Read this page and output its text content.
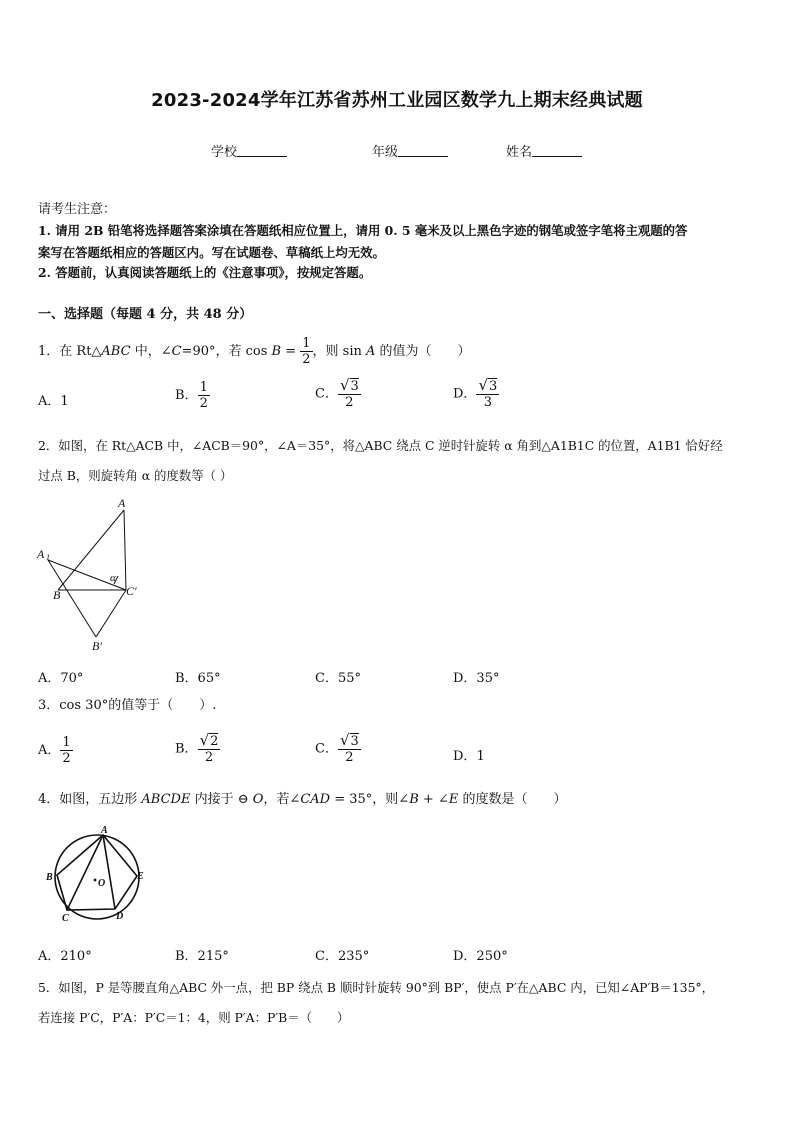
2023-2024学年江苏省苏州工业园区数学九上期末经典试题
学校	年级	姓名
请考生注意：
1. 请用 2B 铅笔将选择题答案涂填在答题纸相应位置上，请用 0. 5 毫米及以上黑色字迹的钢笔或签字笔将主观题的答
案写在答题纸相应的答题区内。写在试题卷、草稿纸上均无效。
2. 答题前，认真阅读答题纸上的《注意事项》，按规定答题。
一、选择题（每题 4 分，共 48 分）
1．在 Rt△ABC 中，∠C=90°，若 $\cos B = \frac{1}{2}$ ，则 sin A 的值为（　　）
A．1	B． $\frac{1}{2}$	C． $\frac{√3}{2}$	D． $\frac{√3}{3}$
2．如图，在 Rt△ACB 中，∠ACB＝90°，∠A＝35°，将△ABC 绕点 C 逆时针旋转 α 角到△A1B1C 的位置，A1B1 恰好经
过点 B，则旋转角 α 的度数等（ ）
A
A 1
B	C′
B′
α
A．70°	B．65°	C．55°	D．35°
3．cos 30°的值等于（　　）.
A． $\frac{1}{2}$	B． $\frac{√2}{2}$	C． $\frac{√3}{2}$	D．1
4．如图，五边形 ABCDE 内接于 ⊖ O，若∠CAD = 35°，则∠B + ∠E 的度数是（　　）
A
B
C	D
E
O
A．210°	B．215°	C．235°	D．250°
5．如图，P 是等腰直角△ABC 外一点，把 BP 绕点 B 顺时针旋转 90°到 BP′，使点 P′在△ABC 内，已知∠AP′B＝135°，
若连接 P′C，P′A：P′C＝1：4，则 P′A：P′B＝（　　）
